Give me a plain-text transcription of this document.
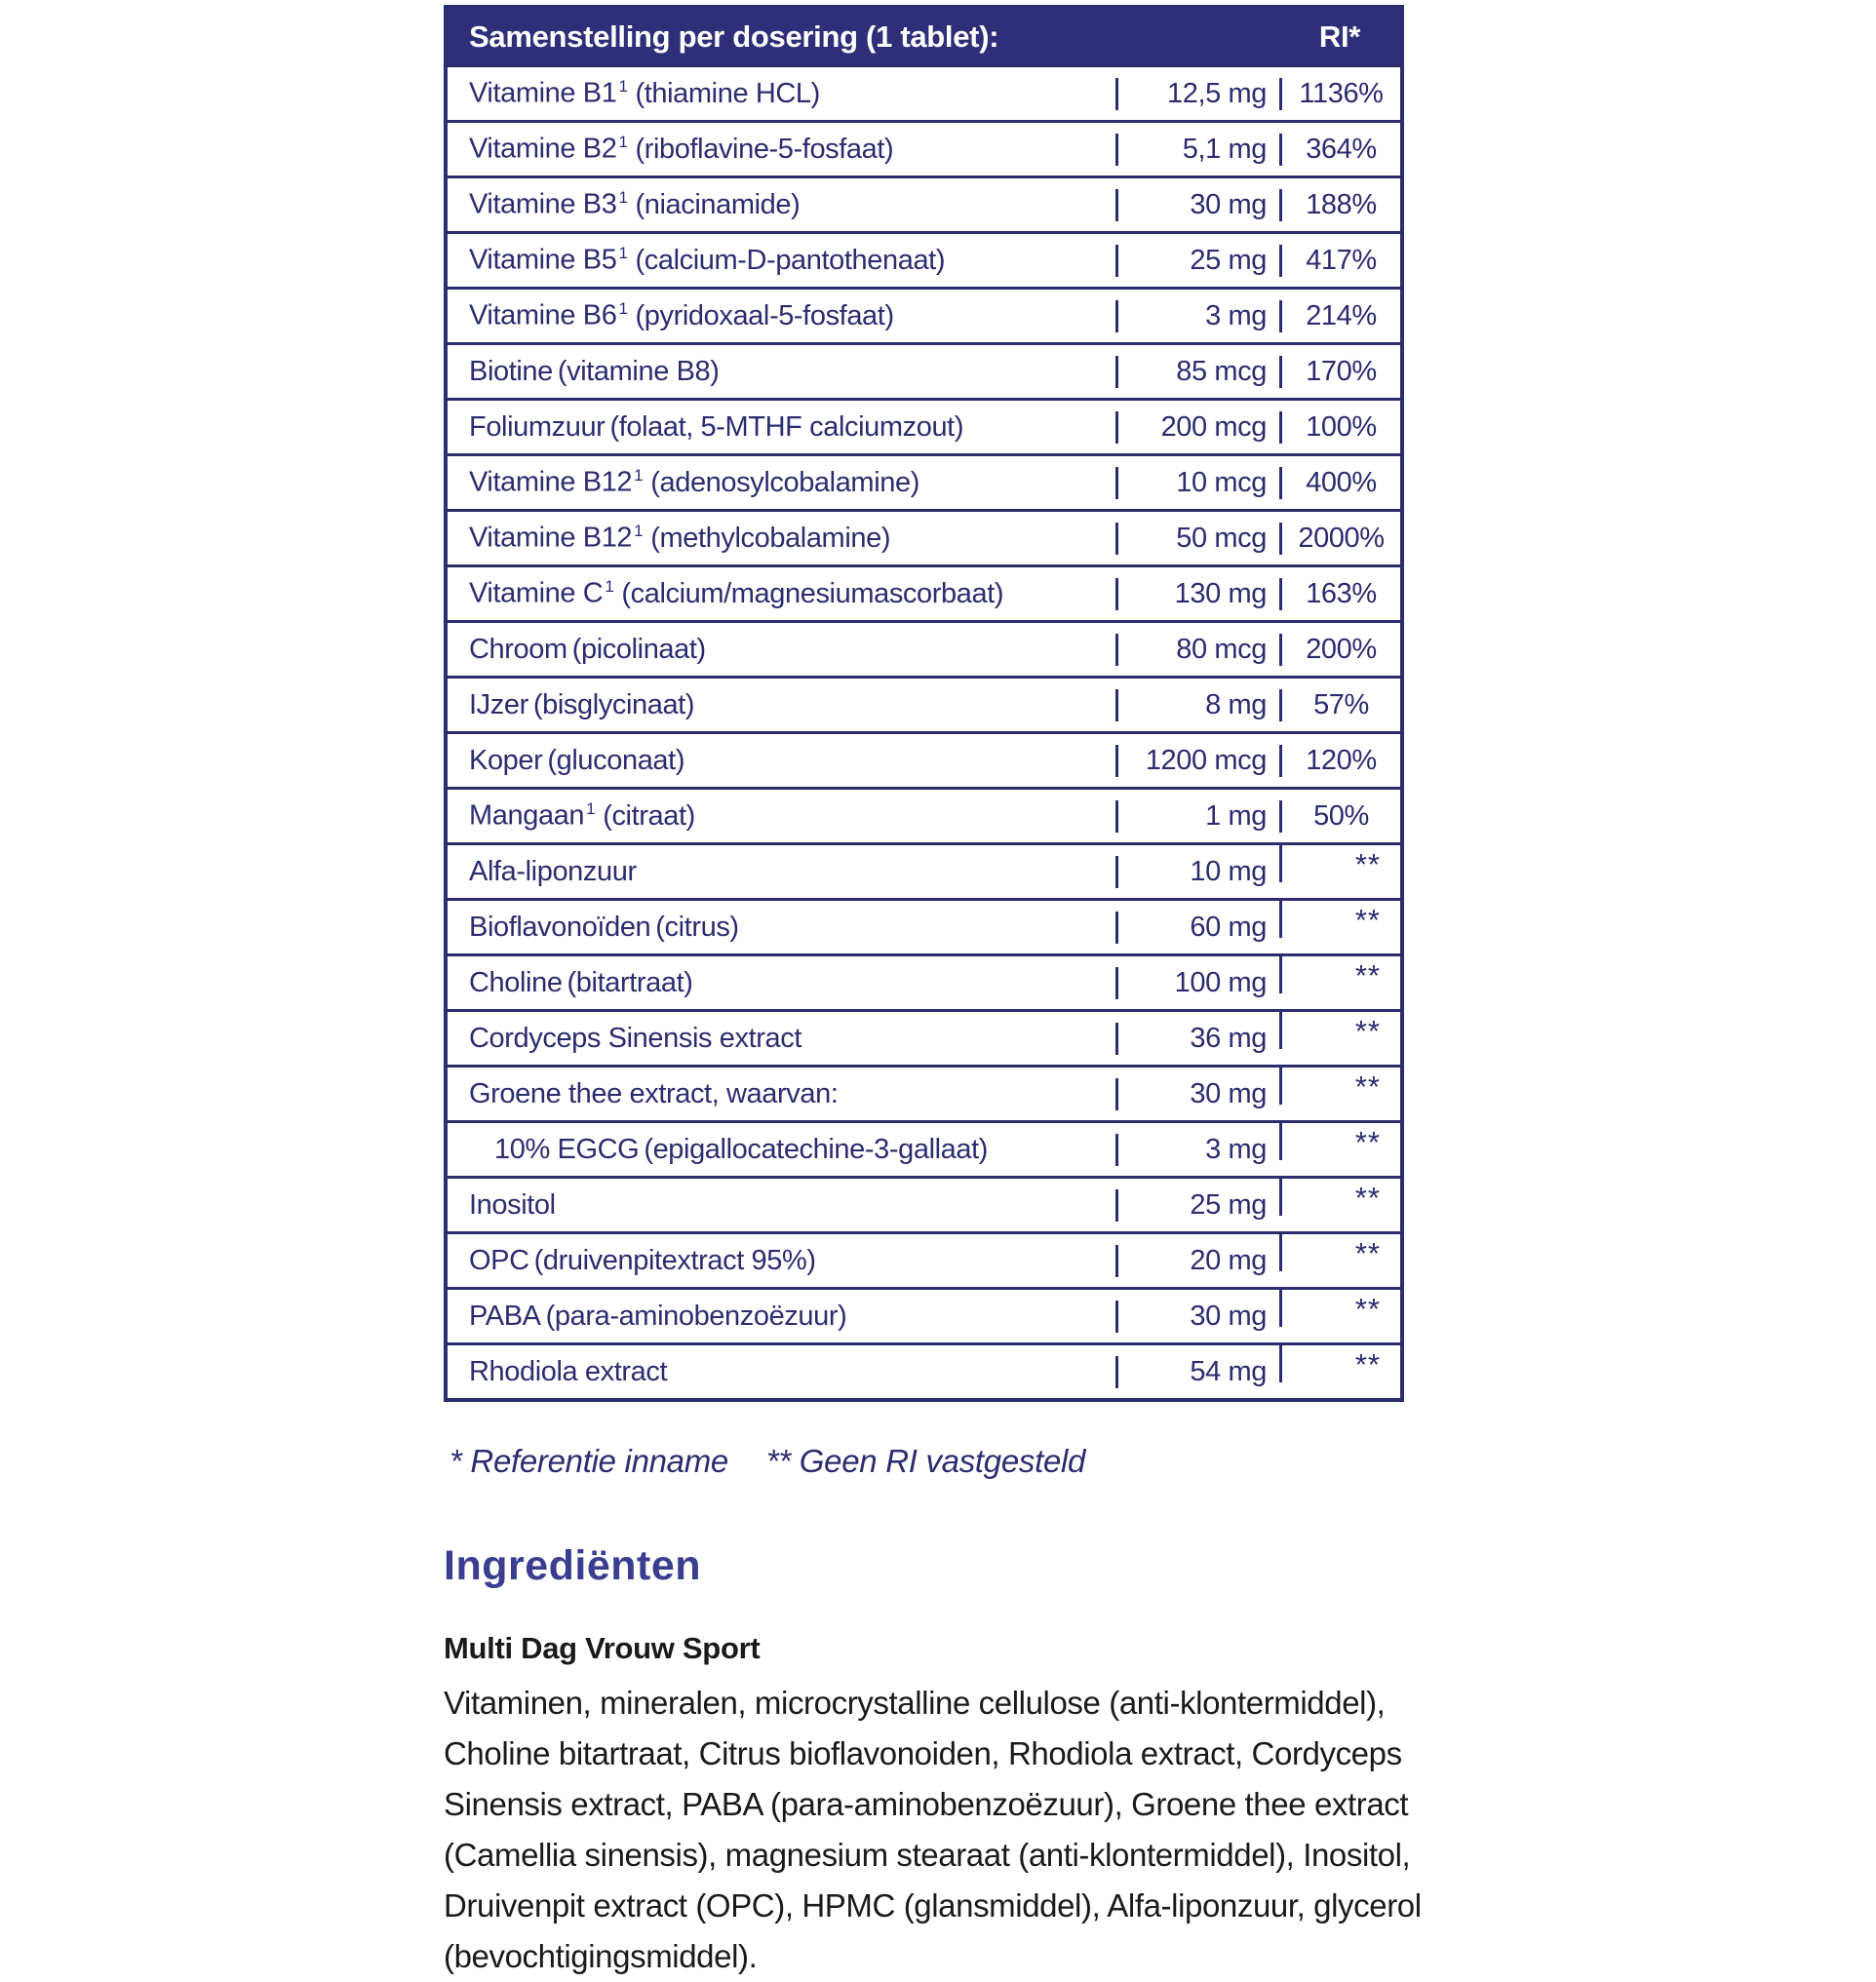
Samenstelling per dosering (1 tablet):	RI*
Vitamine B1 $^1$ (thiamine HCL)	12,5 mg	1136%
Vitamine B2 $^1$ (riboflavine-5-fosfaat)	5,1 mg	364%
Vitamine B3 $^1$ (niacinamide)	30 mg	188%
Vitamine B5 $^1$ (calcium-D-pantothenaat)	25 mg	417%
Vitamine B6 $^1$ (pyridoxaal-5-fosfaat)	3 mg	214%
Biotine (vitamine B8)	85 mcg	170%
Foliumzuur (folaat, 5-MTHF calciumzout)	200 mcg	100%
Vitamine B12 $^1$ (adenosylcobalamine)	10 mcg	400%
Vitamine B12 $^1$ (methylcobalamine)	50 mcg	2000%
Vitamine C $^1$ (calcium/magnesiumascorbaat)	130 mg	163%
Chroom (picolinaat)	80 mcg	200%
IJzer (bisglycinaat)	8 mg	57%
Koper (gluconaat)	1200 mcg	120%
Mangaan $^1$ (citraat)	1 mg	50%
Alfa-liponzuur	10 mg	**
Bioflavonoïden (citrus)	60 mg	**
Choline (bitartraat)	100 mg	**
Cordyceps Sinensis extract	36 mg	**
Groene thee extract, waarvan:	30 mg	**
10% EGCG (epigallocatechine-3-gallaat)	3 mg	**
Inositol	25 mg	**
OPC (druivenpitextract 95%)	20 mg	**
PABA (para-aminobenzoëzuur)	30 mg	**
Rhodiola extract	54 mg	**
* Referentie inname ** Geen RI vastgesteld
Ingrediënten
Multi Dag Vrouw Sport
Vitaminen, mineralen, microcrystalline cellulose (anti-klontermiddel), Choline bitartraat, Citrus bioflavonoiden, Rhodiola extract, Cordyceps Sinensis extract, PABA (para-aminobenzoëzuur), Groene thee extract (Camellia sinensis), magnesium stearaat (anti-klontermiddel), Inositol, Druivenpit extract (OPC), HPMC (glansmiddel), Alfa-liponzuur, glycerol (bevochtigingsmiddel).
